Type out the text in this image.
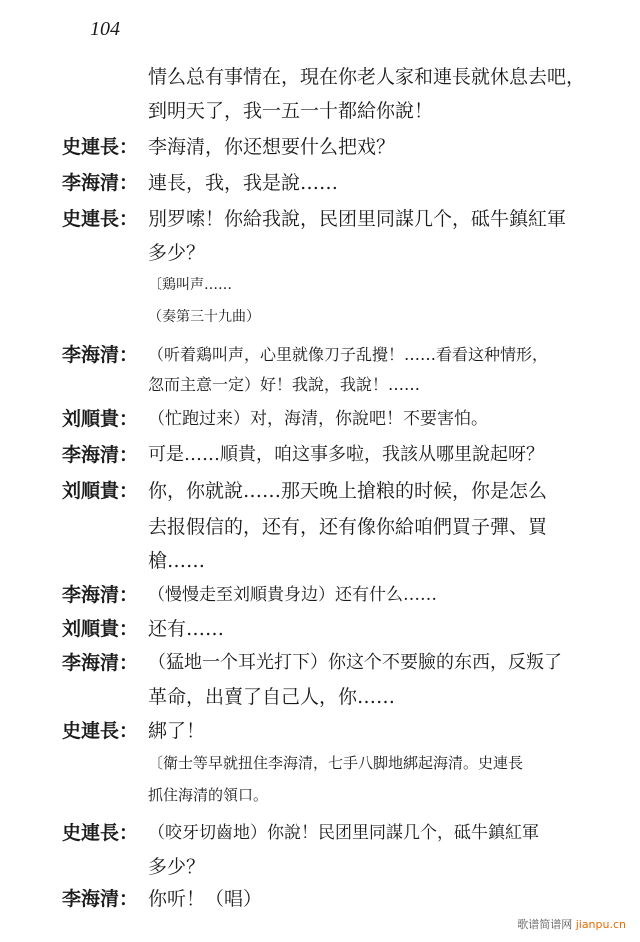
104
情么总有事情在，現在你老人家和連長就休息去吧，
到明天了，我一五一十都給你說！
史連長： 李海清，你还想要什么把戏？
李海清： 連長，我，我是說……
史連長： 別罗嗦！你給我說，民团里同謀几个，砥牛鎮紅軍
多少？
〔鶏叫声……
（奏第三十九曲）
李海清： （听着鶏叫声，心里就像刀子乱攪！……看看这种情形，
忽而主意一定）好！我說，我說！……
刘順貴： （忙跑过来）对，海清，你說吧！不要害怕。
李海清： 可是……順貴，咱这事多啦，我該从哪里說起呀？
刘順貴： 你，你就說……那天晚上搶粮的时候，你是怎么
去报假信的，还有，还有像你給咱們買子彈、買
槍……
李海清： （慢慢走至刘順貴身边）还有什么……
刘順貴： 还有……
李海清： （猛地一个耳光打下）你这个不要臉的东西，反叛了
革命，出賣了自己人，你……
史連長： 綁了！
〔衛士等早就扭住李海清，七手八脚地綁起海清。史連長
抓住海清的領口。
史連長： （咬牙切齒地）你說！民团里同謀几个，砥牛鎮紅軍
多少？
李海清： 你听！（唱）
歌谱简谱网 jianpu.cn
